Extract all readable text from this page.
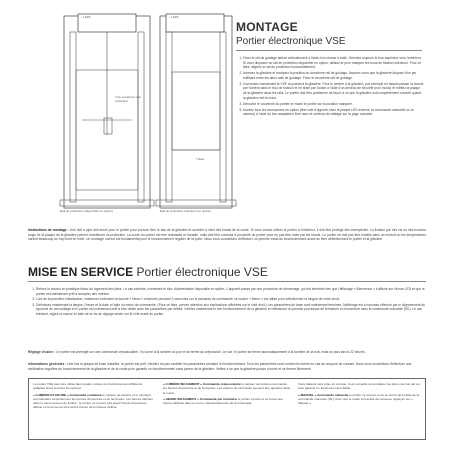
▪ AXT	▪ AXT
Trou supérieur vers l'extérieur
Rail de protection (disponible en option)
Tracer
Rail de protection extérieur (en option)
MONTAGE
Portier électronique VSE
1. Fixez le rail de guidage latéral verticalement à l'aide d'un niveau à bulle. Orientez toujours le trou supérieur vers l'extérieur. Si vous disposez du rail de protection disponible en option, utilisez-le pour marquer les trous de fixation ultérieurs. Pour ce faire, alignez le rail de protection horizontalement.
2. Amenez la glissière et marquez la position du deuxième rail de guidage. Assurez-vous que la glissière dispose d'un jeu suffisant entre les deux rails de guidage. Fixez le deuxième rail de guidage.
3. Connectez maintenant le VSE du portail à la glissière. Pour le centrer à la glissière, par exemple en faisant passer la boucle par l'arrière dans le trou de fixation et en tirant par l'avant à l'aide d'un anneau de sécurité (non inclus) et mettez la plaque de la glissière dans les rails. Le portier doit être positionné de façon à ce que la glissière soit complètement ouverte quand la glissière est en haut.
4. Déroulez le couvercle du portier en fixant le portier sur la position marquée.
5. Montez tous les accessoires en option (tiret voie d'appoint, lisez la plaque LED externe, la commande manuelle ou la caméra) à l'aide du bon adaptateur livré avec le schéma de câblage sur la page suivante.
Instructions de montage : Une clef à pipe doit servir pour le portier pour pouvoir fixer le bas de la glissière et accéder à celui des tirants de la corde. Si vous voulez utiliser le portier à l'extérieur, il doit être protégé des intempéries. La fixation par des vis ou des boulons longs de la plaque de la glissière permet d'améliorer sa protection. La corde du portier est très résistante et durable, mais doit être conduite à proximité du portier pour ne pas être usée par les tirants. Le portier ne doit pas être installé dans un endroit où les températures varient beaucoup ou trop froid en hiver. Un montage correct est fondamental pour le fonctionnement régulier de la porte. Nous vous conseillons d'effectuer un premier essai du fonctionnement avant de fixer définitivement le portier et la glissière.
MISE EN SERVICE Portier électronique VSE
1. Retirez le bouton en plastique blanc du logement des piles. Le cas échéant, connectez le bloc d'alimentation disponible en option. L'appareil passe par une procédure de démarrage, qui est terminée dès que l'affichage « Bienvenue » s'affiche sur l'écran LED et que le portier est maintenant prêt à accepter des entrées.
2. Lors de la première initialisation, maintenez fortement la touche « Menu » enfoncée pendant 3 secondes sur le panneau de commande, la touche « Menu » est utilisé pour sélectionner la langue de votre choix.
3. Définissez maintenant la langue, l'heure et la date à l'aide du menu de commande. (Pour ce faire, prenez attention aux explications affichées sur le côté droit.) Les paramètres de base sont maintenant terminés, l'affichage est à nouveau effectué par le clignotement du symbole de verrouillage et le portier est maintenant prêt à être utilisé avec les paramètres par défaut. Vérifiez maintenant le bon fonctionnement de la glissière en effectuant un premier processus de fermeture et d'ouverture avec la commande manuelle (SK). Le cas échéant, réglez la course à l'aide de la vis de réglage située sur le côté avant du portier.
Réglage d'usine : Le portier est préréglé sur une commande crépusculaire. Il s'ouvre à la lumière du jour et se ferme au crépuscule. Le soir, le portier se ferme automatiquement à la tombée de la nuit, mais au plus tard à 22 heures.
Informations générales : Une fois la plaque de base installée, le portier est prêt. Veuillez ne pas modifier les paramètres pendant le fonctionnement. Tous les paramètres sont conservés même en cas de coupure de courant. Nous vous conseillons d'effectuer une vérification régulière du fonctionnement de la glissière et de la corde pour garantir un fonctionnement sans panne de la glissière. Veillez à ce que la glissière puisse s'ouvrir et se fermer librement.
Le portier VSE peut être utilisé dans quatre modes de fonctionnement différents (adaptés aussi à toutes les pièces) :
« LUMIÈRE ET HEURE » Commande combinée le capteur de lumière et le minuteur commandent conjointement les heures d'ouverture et de fermeture. Les heures définies dans le menu servent de limites : le portier ne s'ouvre pas avant l'heure d'ouverture définie et se ferme au plus tard à l'heure de fermeture définie.
« LUMIÈRE SEULEMENT » Commande crépusculaire le capteur de lumière commande les heures d'ouverture et de fermeture. Les valeurs de luminosité peuvent être ajustées dans le menu.
« HEURE SEULEMENT » Commande par minuterie le portier s'ouvre et se ferme aux heures définies dans le menu, indépendamment de la luminosité.
Votre batterie sera prise en compte. Il est conseillé de remplacer les piles une fois par an pour garantir un fonctionnement fiable.
« MANUEL » Commande manuelle le portier ne s'ouvre et ne se ferme qu'à l'aide de la commande manuelle (SK). Pour que le mode soit activé de nouveau, appuyez sur « Manuel ».
